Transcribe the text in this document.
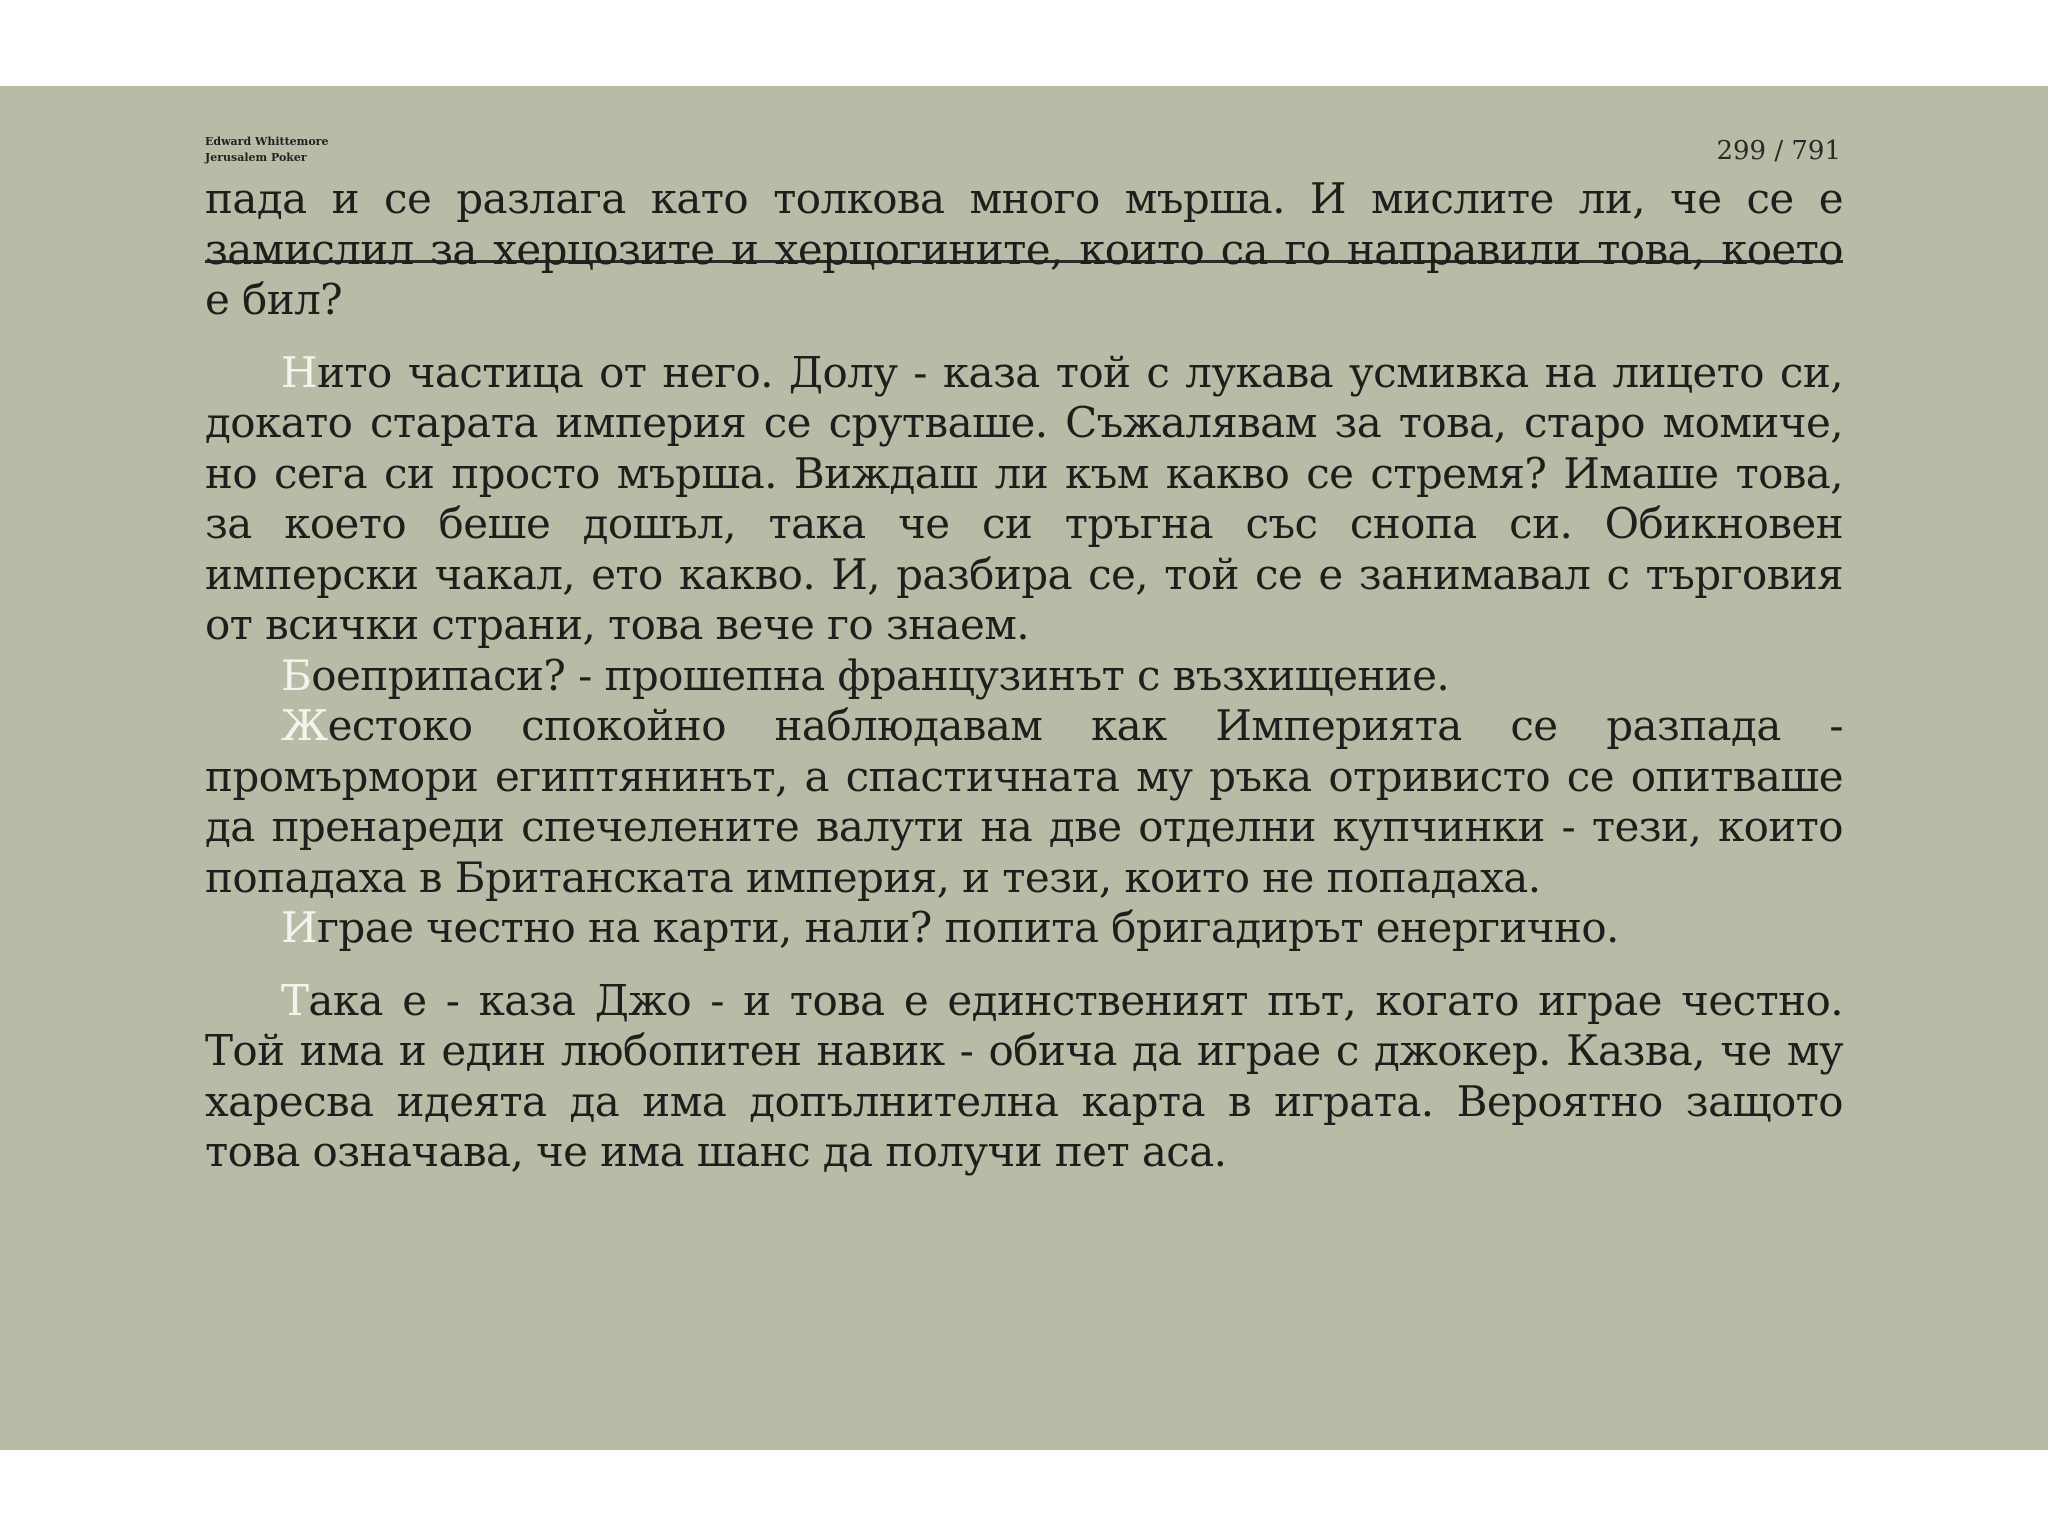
Edward Whittemore
Jerusalem Poker	299 / 791

пада и се разлага като толкова много мърша. И мислите ли, че се е замислил за херцозите и херцогините, които са го направили това, което е бил?

Нито частица от него. Долу - каза той с лукава усмивка на лицето си, докато старата империя се срутваше. Съжалявам за това, старо момиче, но сега си просто мърша. Виждаш ли към какво се стремя? Имаше това, за което беше дошъл, така че си тръгна със снопа си. Обикновен имперски чакал, ето какво. И, разбира се, той се е занимавал с търговия от всички страни, това вече го знаем.

Боеприпаси? - прошепна французинът с възхищение.

Жестоко спокойно наблюдавам как Империята се разпада - промърмори египтянинът, а спастичната му ръка отривисто се опитваше да пренареди спечелените валути на две отделни купчинки - тези, които попадаха в Британската империя, и тези, които не попадаха.

Играе честно на карти, нали? попита бригадирът енергично.

Така е - каза Джо - и това е единственият път, когато играе честно. Той има и един любопитен навик - обича да играе с джокер. Казва, че му харесва идеята да има допълнителна карта в играта. Вероятно защото това означава, че има шанс да получи пет аса.
